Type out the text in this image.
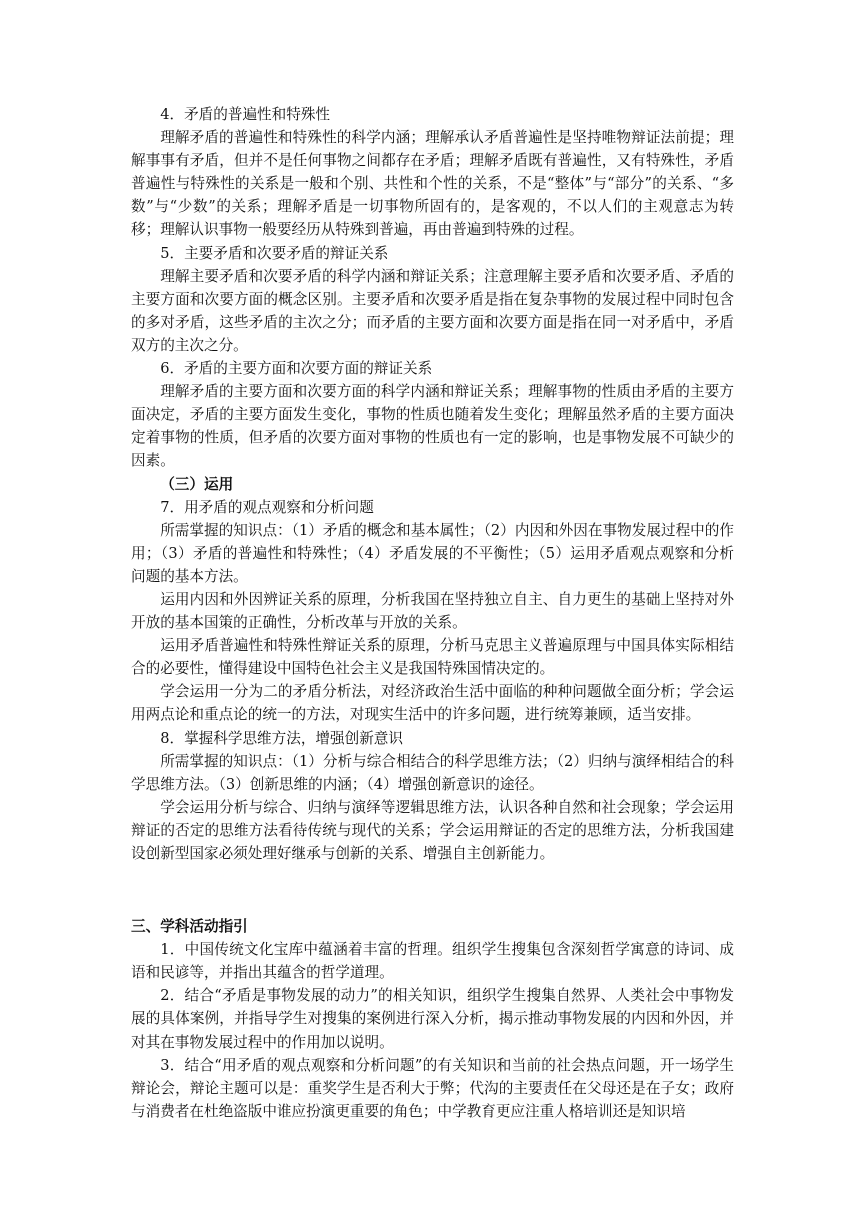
4．矛盾的普遍性和特殊性

理解矛盾的普遍性和特殊性的科学内涵；理解承认矛盾普遍性是坚持唯物辩证法前提；理解事事有矛盾，但并不是任何事物之间都存在矛盾；理解矛盾既有普遍性，又有特殊性，矛盾普遍性与特殊性的关系是一般和个别、共性和个性的关系，不是“整体”与“部分”的关系、“多数”与“少数”的关系；理解矛盾是一切事物所固有的，是客观的，不以人们的主观意志为转移；理解认识事物一般要经历从特殊到普遍，再由普遍到特殊的过程。

5．主要矛盾和次要矛盾的辩证关系

理解主要矛盾和次要矛盾的科学内涵和辩证关系；注意理解主要矛盾和次要矛盾、矛盾的主要方面和次要方面的概念区别。主要矛盾和次要矛盾是指在复杂事物的发展过程中同时包含的多对矛盾，这些矛盾的主次之分；而矛盾的主要方面和次要方面是指在同一对矛盾中，矛盾双方的主次之分。

6．矛盾的主要方面和次要方面的辩证关系

理解矛盾的主要方面和次要方面的科学内涵和辩证关系；理解事物的性质由矛盾的主要方面决定，矛盾的主要方面发生变化，事物的性质也随着发生变化；理解虽然矛盾的主要方面决定着事物的性质，但矛盾的次要方面对事物的性质也有一定的影响，也是事物发展不可缺少的因素。

（三）运用

7．用矛盾的观点观察和分析问题

所需掌握的知识点：（1）矛盾的概念和基本属性；（2）内因和外因在事物发展过程中的作用；（3）矛盾的普遍性和特殊性；（4）矛盾发展的不平衡性；（5）运用矛盾观点观察和分析问题的基本方法。

运用内因和外因辨证关系的原理，分析我国在坚持独立自主、自力更生的基础上坚持对外开放的基本国策的正确性，分析改革与开放的关系。

运用矛盾普遍性和特殊性辩证关系的原理，分析马克思主义普遍原理与中国具体实际相结合的必要性，懂得建设中国特色社会主义是我国特殊国情决定的。

学会运用一分为二的矛盾分析法，对经济政治生活中面临的种种问题做全面分析；学会运用两点论和重点论的统一的方法，对现实生活中的许多问题，进行统筹兼顾，适当安排。

8．掌握科学思维方法，增强创新意识

所需掌握的知识点：（1）分析与综合相结合的科学思维方法；（2）归纳与演绎相结合的科学思维方法。（3）创新思维的内涵；（4）增强创新意识的途径。

学会运用分析与综合、归纳与演绎等逻辑思维方法，认识各种自然和社会现象；学会运用辩证的否定的思维方法看待传统与现代的关系；学会运用辩证的否定的思维方法，分析我国建设创新型国家必须处理好继承与创新的关系、增强自主创新能力。

三、学科活动指引

1．中国传统文化宝库中蕴涵着丰富的哲理。组织学生搜集包含深刻哲学寓意的诗词、成语和民谚等，并指出其蕴含的哲学道理。

2．结合“矛盾是事物发展的动力”的相关知识，组织学生搜集自然界、人类社会中事物发展的具体案例，并指导学生对搜集的案例进行深入分析，揭示推动事物发展的内因和外因，并对其在事物发展过程中的作用加以说明。

3．结合“用矛盾的观点观察和分析问题”的有关知识和当前的社会热点问题，开一场学生辩论会，辩论主题可以是：重奖学生是否利大于弊；代沟的主要责任在父母还是在子女；政府与消费者在杜绝盗版中谁应扮演更重要的角色；中学教育更应注重人格培训还是知识培
